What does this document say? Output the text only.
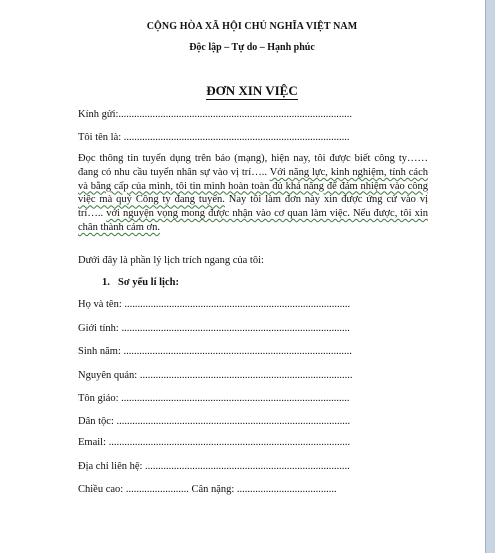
CỘNG HÒA XÃ HỘI CHỦ NGHĨA VIỆT NAM
Độc lập – Tự do – Hạnh phúc
ĐƠN XIN VIỆC
Kính gửi:.........................................................................................
Tôi tên là: ......................................................................................
Đọc thông tin tuyển dụng trên báo (mạng), hiện nay, tôi được biết công ty…… đang có nhu cầu tuyển nhân sự vào vị trí….. Với năng lực, kinh nghiệm, tính cách và bằng cấp của mình, tôi tin mình hoàn toàn đủ khả năng để đảm nhiệm vào công việc mà quý Công ty đang tuyển. Nay tôi làm đơn này xin được ứng cử vào vị trí….. với nguyện vọng mong được nhận vào cơ quan làm việc. Nếu được, tôi xin chân thành cảm ơn.
Dưới đây là phần lý lịch trích ngang của tôi:
1. Sơ yếu lí lịch:
Họ và tên: ......................................................................................
Giới tính: .......................................................................................
Sinh năm: .......................................................................................
Nguyên quán: .................................................................................
Tôn giáo: .......................................................................................
Dân tộc: .........................................................................................
Email: ............................................................................................
Địa chỉ liên hệ: ..............................................................................
Chiều cao: ........................ Cân nặng: ......................................
